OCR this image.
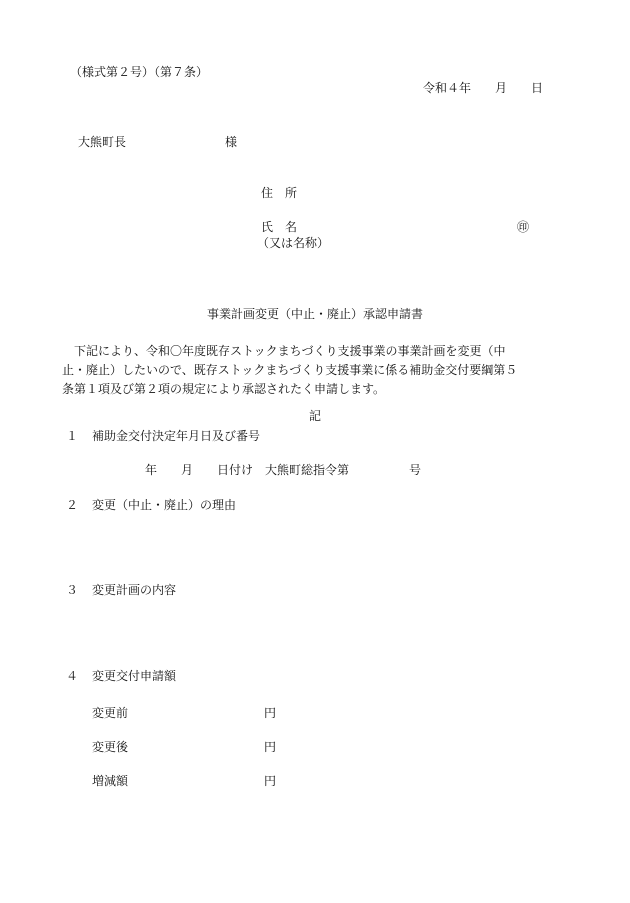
（様式第２号）（第７条）
令和４年　　月　　日
大熊町長	様
住　所
氏　名	㊞
（又は名称）
事業計画変更（中止・廃止）承認申請書
下記により、令和〇年度既存ストックまちづくり支援事業の事業計画を変更（中
止・廃止）したいので、既存ストックまちづくり支援事業に係る補助金交付要綱第５
条第１項及び第２項の規定により承認されたく申請します。
記
１ 補助金交付決定年月日及び番号
年　　月　　日付け　大熊町総指令第　　　　　号
２ 変更（中止・廃止）の理由
３ 変更計画の内容
４ 変更交付申請額
変更前	円
変更後	円
増減額	円
